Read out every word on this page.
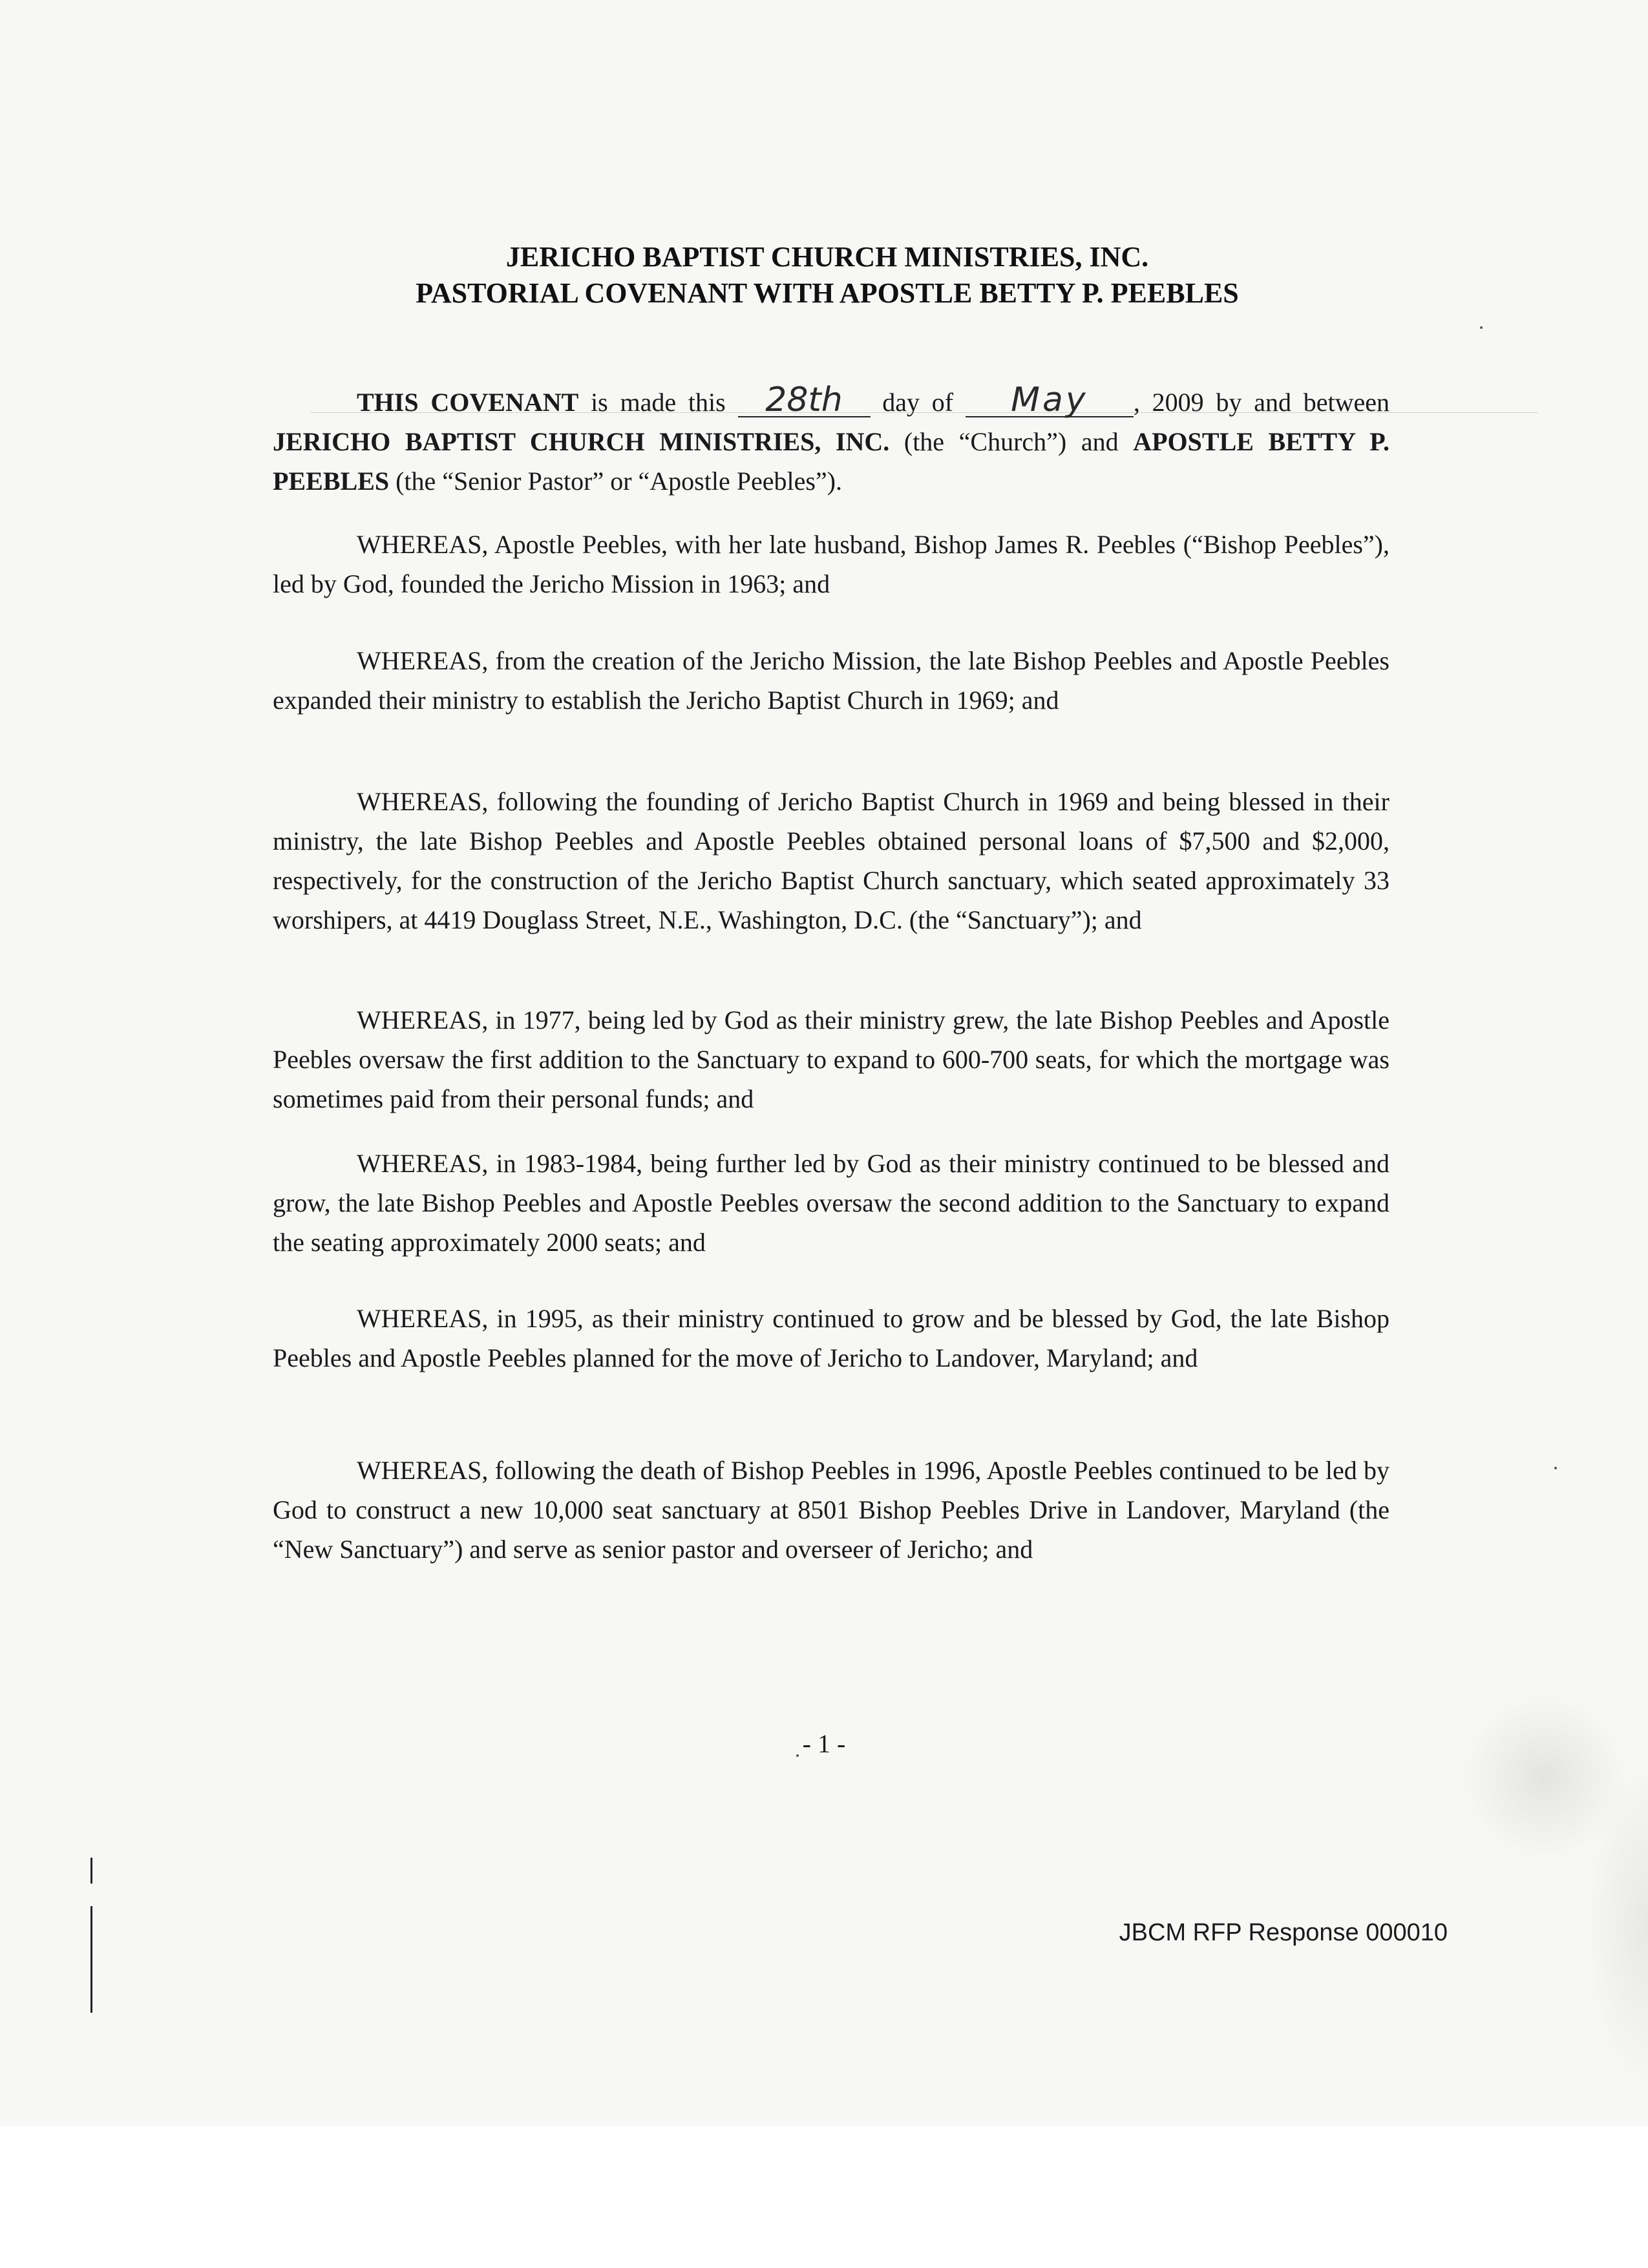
JERICHO BAPTIST CHURCH MINISTRIES, INC.
PASTORIAL COVENANT WITH APOSTLE BETTY P. PEEBLES

THIS COVENANT is made this 28th day of May , 2009 by and between JERICHO BAPTIST CHURCH MINISTRIES, INC. (the “Church”) and APOSTLE BETTY P. PEEBLES (the “Senior Pastor” or “Apostle Peebles”).

WHEREAS, Apostle Peebles, with her late husband, Bishop James R. Peebles (“Bishop Peebles”), led by God, founded the Jericho Mission in 1963; and

WHEREAS, from the creation of the Jericho Mission, the late Bishop Peebles and Apostle Peebles expanded their ministry to establish the Jericho Baptist Church in 1969; and

WHEREAS, following the founding of Jericho Baptist Church in 1969 and being blessed in their ministry, the late Bishop Peebles and Apostle Peebles obtained personal loans of $7,500 and $2,000, respectively, for the construction of the Jericho Baptist Church sanctuary, which seated approximately 33 worshipers, at 4419 Douglass Street, N.E., Washington, D.C. (the “Sanctuary”); and

WHEREAS, in 1977, being led by God as their ministry grew, the late Bishop Peebles and Apostle Peebles oversaw the first addition to the Sanctuary to expand to 600-700 seats, for which the mortgage was sometimes paid from their personal funds; and

WHEREAS, in 1983-1984, being further led by God as their ministry continued to be blessed and grow, the late Bishop Peebles and Apostle Peebles oversaw the second addition to the Sanctuary to expand the seating approximately 2000 seats; and

WHEREAS, in 1995, as their ministry continued to grow and be blessed by God, the late Bishop Peebles and Apostle Peebles planned for the move of Jericho to Landover, Maryland; and

WHEREAS, following the death of Bishop Peebles in 1996, Apostle Peebles continued to be led by God to construct a new 10,000 seat sanctuary at 8501 Bishop Peebles Drive in Landover, Maryland (the “New Sanctuary”) and serve as senior pastor and overseer of Jericho; and

- 1 -

JBCM RFP Response 000010
